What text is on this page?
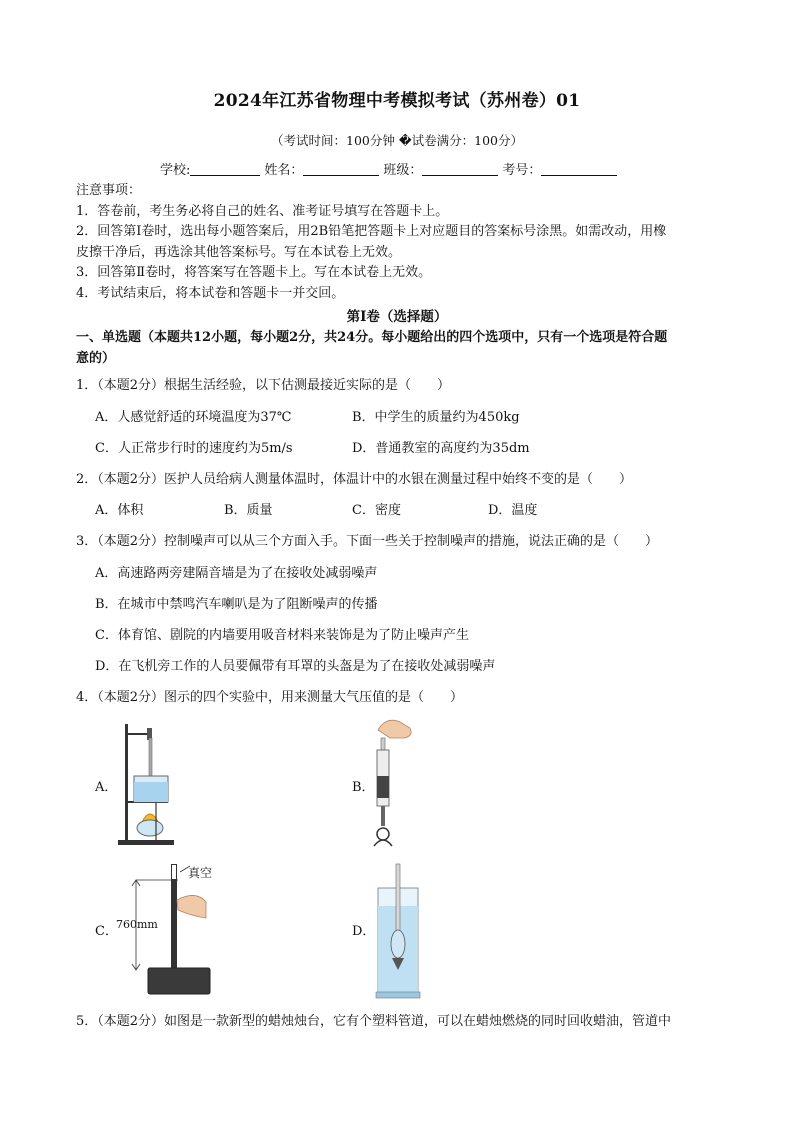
2024年江苏省物理中考模拟考试（苏州卷）01
（考试时间：100分钟 �试卷满分：100分）
学校:	姓名：	班级：	考号：
注意事项：
1．答卷前，考生务必将自己的姓名、准考证号填写在答题卡上。
2．回答第Ⅰ卷时，选出每小题答案后，用2B铅笔把答题卡上对应题目的答案标号涂黑。如需改动，用橡
皮擦干净后，再选涂其他答案标号。写在本试卷上无效。
3．回答第Ⅱ卷时，将答案写在答题卡上。写在本试卷上无效。
4．考试结束后，将本试卷和答题卡一并交回。
第Ⅰ卷（选择题）
一、单选题（本题共12小题，每小题2分，共24分。每小题给出的四个选项中，只有一个选项是符合题
意的）
1．（本题2分）根据生活经验，以下估测最接近实际的是（　　）
A．人感觉舒适的环境温度为37℃	B．中学生的质量约为450kg
C．人正常步行时的速度约为5m/s	D．普通教室的高度约为35dm
2．（本题2分）医护人员给病人测量体温时，体温计中的水银在测量过程中始终不变的是（　　）
A．体积	B．质量	C．密度	D．温度
3．（本题2分）控制噪声可以从三个方面入手。下面一些关于控制噪声的措施，说法正确的是（　　）
A．高速路两旁建隔音墙是为了在接收处减弱噪声
B．在城市中禁鸣汽车喇叭是为了阻断噪声的传播
C．体育馆、剧院的内墙要用吸音材料来装饰是为了防止噪声产生
D．在飞机旁工作的人员要佩带有耳罩的头盔是为了在接收处减弱噪声
4．（本题2分）图示的四个实验中，用来测量大气压值的是（　　）
A．	B．
C．
760mm
真空
D．
5．（本题2分）如图是一款新型的蜡烛烛台，它有个塑料管道，可以在蜡烛燃烧的同时回收蜡油，管道中
